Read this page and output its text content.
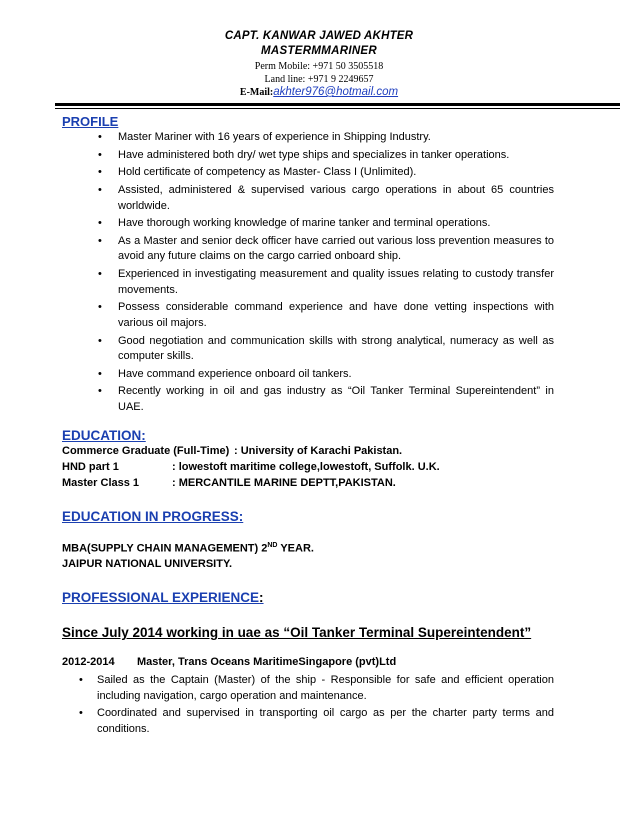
CAPT. KANWAR JAWED AKHTER
MASTERMMARINER
Perm Mobile: +971 50 3505518
Land line: +971 9 2249657
E-Mail:akhter976@hotmail.com
PROFILE
• Master Mariner with 16 years of experience in Shipping Industry.
• Have administered both dry/ wet type ships and specializes in tanker operations.
• Hold certificate of competency as Master- Class I (Unlimited).
• Assisted, administered & supervised various cargo operations in about 65 countries worldwide.
• Have thorough working knowledge of marine tanker and terminal operations.
• As a Master and senior deck officer have carried out various loss prevention measures to avoid any future claims on the cargo carried onboard ship.
• Experienced in investigating measurement and quality issues relating to custody transfer movements.
• Possess considerable command experience and have done vetting inspections with various oil majors.
• Good negotiation and communication skills with strong analytical, numeracy as well as computer skills.
• Have command experience onboard oil tankers.
• Recently working in oil and gas industry as “Oil Tanker Terminal Supereintendent” in UAE.
EDUCATION:
Commerce Graduate (Full-Time) : University of Karachi Pakistan.
HND part 1	: lowestoft maritime college,lowestoft, Suffolk. U.K.
Master Class 1	: MERCANTILE MARINE DEPTT,PAKISTAN.
EDUCATION IN PROGRESS:
MBA(SUPPLY CHAIN MANAGEMENT) 2ND YEAR.
JAIPUR NATIONAL UNIVERSITY.
PROFESSIONAL EXPERIENCE:
Since July 2014 working in uae as “Oil Tanker Terminal Supereintendent”
2012-2014 Master, Trans Oceans MaritimeSingapore (pvt)Ltd
• Sailed as the Captain (Master) of the ship - Responsible for safe and efficient operation including navigation, cargo operation and maintenance.
• Coordinated and supervised in transporting oil cargo as per the charter party terms and conditions.
